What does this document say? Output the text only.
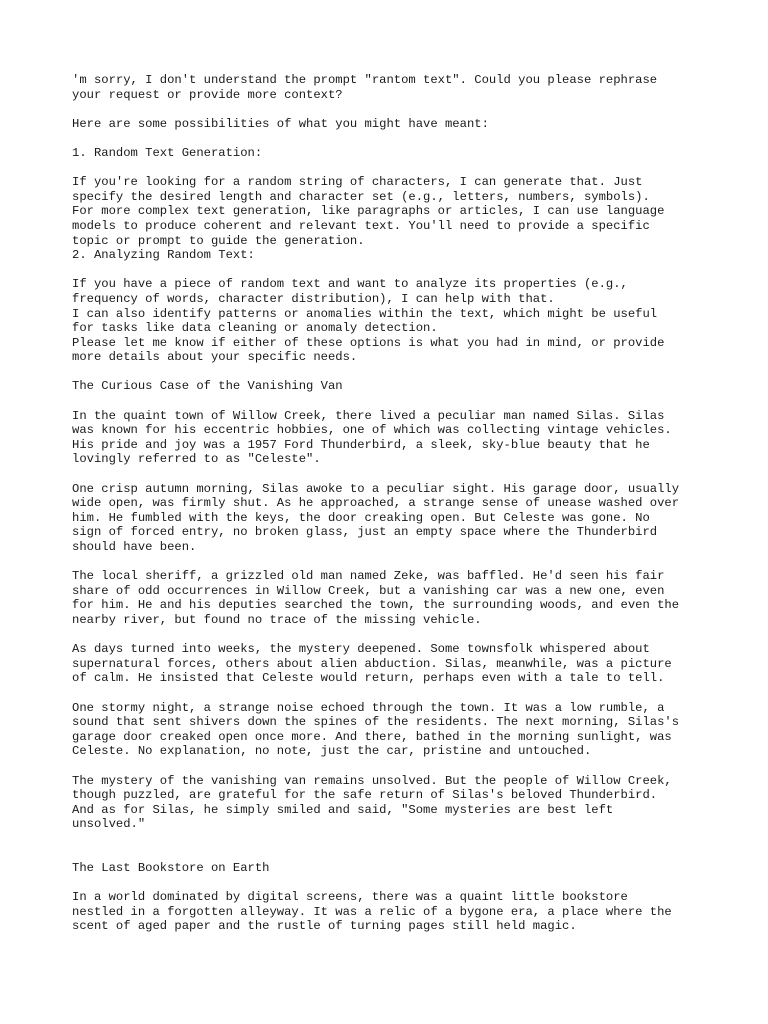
'm sorry, I don't understand the prompt "rantom text". Could you please rephrase
your request or provide more context?

Here are some possibilities of what you might have meant:

1. Random Text Generation:

If you're looking for a random string of characters, I can generate that. Just
specify the desired length and character set (e.g., letters, numbers, symbols).
For more complex text generation, like paragraphs or articles, I can use language
models to produce coherent and relevant text. You'll need to provide a specific
topic or prompt to guide the generation.
2. Analyzing Random Text:

If you have a piece of random text and want to analyze its properties (e.g.,
frequency of words, character distribution), I can help with that.
I can also identify patterns or anomalies within the text, which might be useful
for tasks like data cleaning or anomaly detection.
Please let me know if either of these options is what you had in mind, or provide
more details about your specific needs.

The Curious Case of the Vanishing Van

In the quaint town of Willow Creek, there lived a peculiar man named Silas. Silas
was known for his eccentric hobbies, one of which was collecting vintage vehicles.
His pride and joy was a 1957 Ford Thunderbird, a sleek, sky-blue beauty that he
lovingly referred to as "Celeste".

One crisp autumn morning, Silas awoke to a peculiar sight. His garage door, usually
wide open, was firmly shut. As he approached, a strange sense of unease washed over
him. He fumbled with the keys, the door creaking open. But Celeste was gone. No
sign of forced entry, no broken glass, just an empty space where the Thunderbird
should have been.

The local sheriff, a grizzled old man named Zeke, was baffled. He'd seen his fair
share of odd occurrences in Willow Creek, but a vanishing car was a new one, even
for him. He and his deputies searched the town, the surrounding woods, and even the
nearby river, but found no trace of the missing vehicle.

As days turned into weeks, the mystery deepened. Some townsfolk whispered about
supernatural forces, others about alien abduction. Silas, meanwhile, was a picture
of calm. He insisted that Celeste would return, perhaps even with a tale to tell.

One stormy night, a strange noise echoed through the town. It was a low rumble, a
sound that sent shivers down the spines of the residents. The next morning, Silas's
garage door creaked open once more. And there, bathed in the morning sunlight, was
Celeste. No explanation, no note, just the car, pristine and untouched.

The mystery of the vanishing van remains unsolved. But the people of Willow Creek,
though puzzled, are grateful for the safe return of Silas's beloved Thunderbird.
And as for Silas, he simply smiled and said, "Some mysteries are best left
unsolved."

The Last Bookstore on Earth

In a world dominated by digital screens, there was a quaint little bookstore
nestled in a forgotten alleyway. It was a relic of a bygone era, a place where the
scent of aged paper and the rustle of turning pages still held magic.
